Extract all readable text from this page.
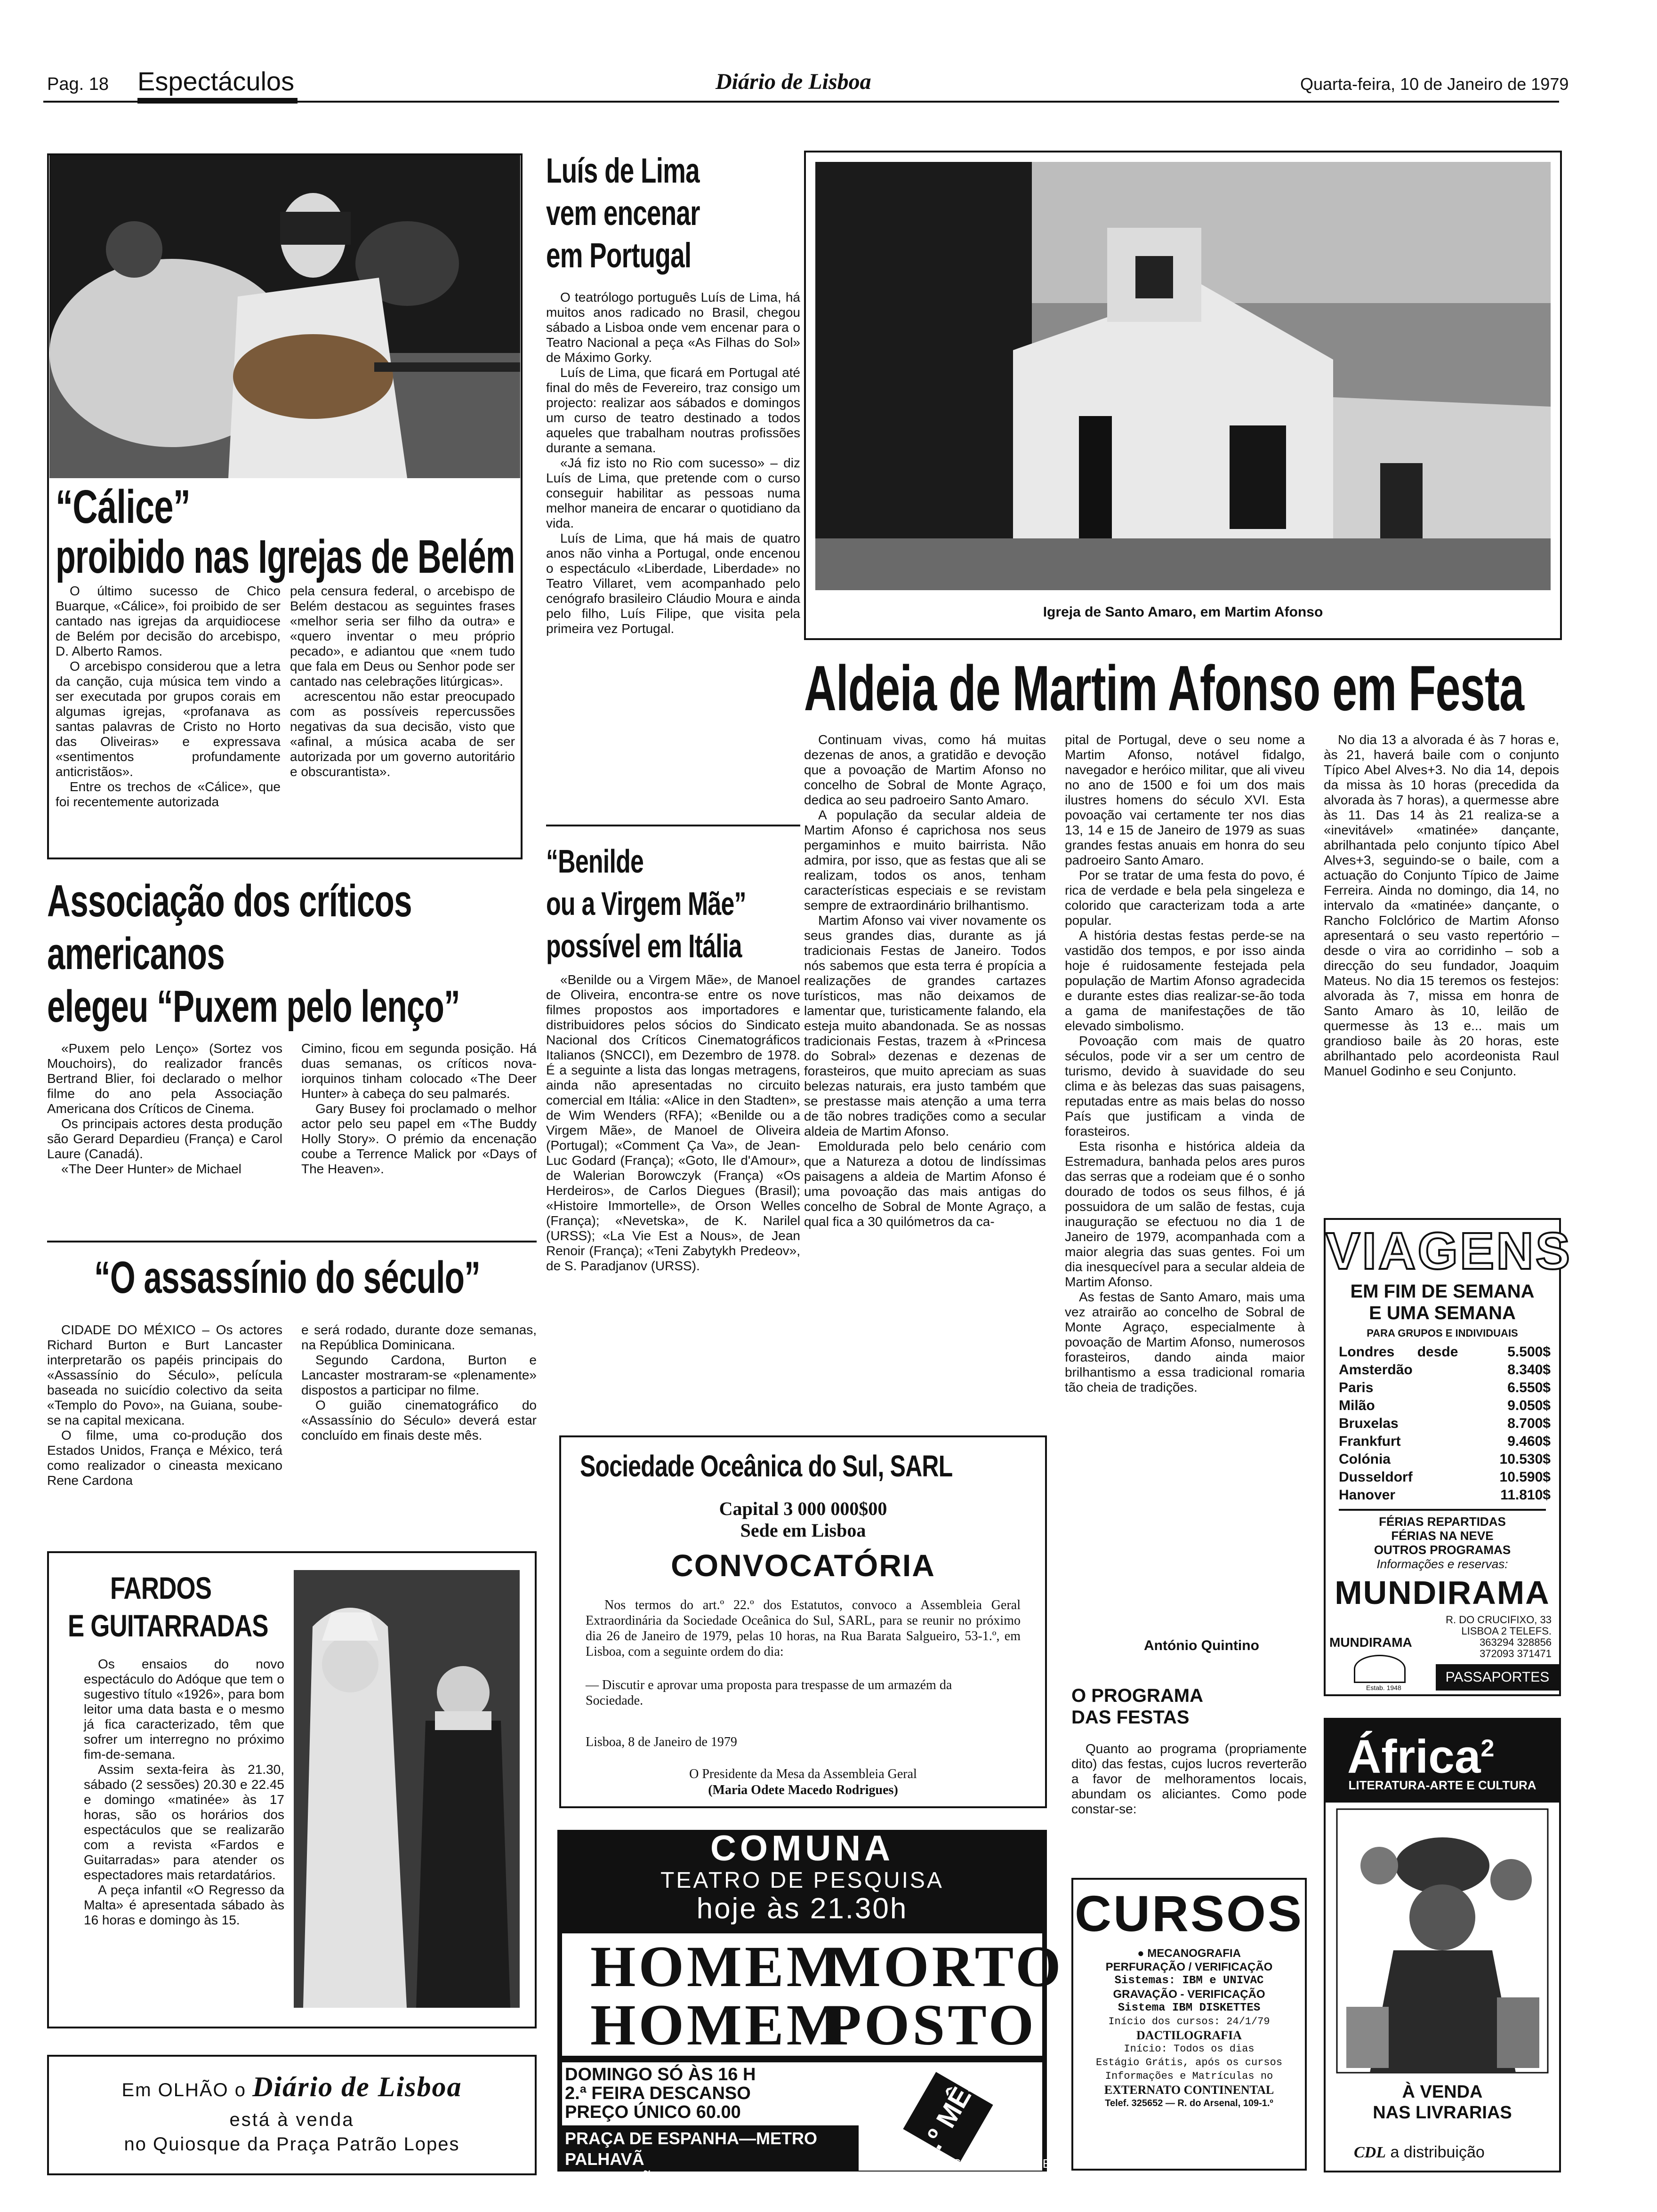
Pag. 18 Espectáculos	Diário de Lisboa	Quarta-feira, 10 de Janeiro de 1979
“Cálice”
proibido nas Igrejas de Belém

O último sucesso de Chico Buarque, «Cálice», foi proibido de ser cantado nas igrejas da arquidiocese de Belém por decisão do arcebispo, D. Alberto Ramos.

O arcebispo considerou que a letra da canção, cuja música tem vindo a ser executada por grupos corais em algumas igrejas, «profanava as santas palavras de Cristo no Horto das Oliveiras» e expressava «sentimentos profundamente anticristãos».

Entre os trechos de «Cálice», que foi recentemente autorizada

pela censura federal, o arcebispo de Belém destacou as seguintes frases «melhor seria ser filho da outra» e «quero inventar o meu próprio pecado», e adiantou que «nem tudo que fala em Deus ou Senhor pode ser cantado nas celebrações litúrgicas».

acrescentou não estar preocupado com as possíveis repercussões negativas da sua decisão, visto que «afinal, a música acaba de ser autorizada por um governo autoritário e obscurantista».

Luís de Lima
vem encenar
em Portugal

O teatrólogo português Luís de Lima, há muitos anos radicado no Brasil, chegou sábado a Lisboa onde vem encenar para o Teatro Nacional a peça «As Filhas do Sol» de Máximo Gorky.

Luís de Lima, que ficará em Portugal até final do mês de Fevereiro, traz consigo um projecto: realizar aos sábados e domingos um curso de teatro destinado a todos aqueles que trabalham noutras profissões durante a semana.

«Já fiz isto no Rio com sucesso» – diz Luís de Lima, que pretende com o curso conseguir habilitar as pessoas numa melhor maneira de encarar o quotidiano da vida.

Luís de Lima, que há mais de quatro anos não vinha a Portugal, onde encenou o espectáculo «Liberdade, Liberdade» no Teatro Villaret, vem acompanhado pelo cenógrafo brasileiro Cláudio Moura e ainda pelo filho, Luís Filipe, que visita pela primeira vez Portugal.

Igreja de Santo Amaro, em Martim Afonso
Aldeia de Martim Afonso em Festa

Continuam vivas, como há muitas dezenas de anos, a gratidão e devoção que a povoação de Martim Afonso no concelho de Sobral de Monte Agraço, dedica ao seu padroeiro Santo Amaro.

A população da secular aldeia de Martim Afonso é caprichosa nos seus pergaminhos e muito bairrista. Não admira, por isso, que as festas que ali se realizam, todos os anos, tenham características especiais e se revistam sempre de extraordinário brilhantismo.

Martim Afonso vai viver novamente os seus grandes dias, durante as já tradicionais Festas de Janeiro. Todos nós sabemos que esta terra é propícia a realizações de grandes cartazes turísticos, mas não deixamos de lamentar que, turisticamente falando, ela esteja muito abandonada. Se as nossas tradicionais Festas, trazem à «Princesa do Sobral» dezenas e dezenas de forasteiros, que muito apreciam as suas belezas naturais, era justo também que se prestasse mais atenção a uma terra de tão nobres tradições como a secular aldeia de Martim Afonso.

Emoldurada pelo belo cenário com que a Natureza a dotou de lindíssimas paisagens a aldeia de Martim Afonso é uma povoação das mais antigas do concelho de Sobral de Monte Agraço, a qual fica a 30 quilómetros da ca-

pital de Portugal, deve o seu nome a Martim Afonso, notável fidalgo, navegador e heróico militar, que ali viveu no ano de 1500 e foi um dos mais ilustres homens do século XVI. Esta povoação vai certamente ter nos dias 13, 14 e 15 de Janeiro de 1979 as suas grandes festas anuais em honra do seu padroeiro Santo Amaro.

Por se tratar de uma festa do povo, é rica de verdade e bela pela singeleza e colorido que caracterizam toda a arte popular.

A história destas festas perde-se na vastidão dos tempos, e por isso ainda hoje é ruidosamente festejada pela população de Martim Afonso agradecida e durante estes dias realizar-se-ão toda a gama de manifestações de tão elevado simbolismo.

Povoação com mais de quatro séculos, pode vir a ser um centro de turismo, devido à suavidade do seu clima e às belezas das suas paisagens, reputadas entre as mais belas do nosso País que justificam a vinda de forasteiros.

Esta risonha e histórica aldeia da Estremadura, banhada pelos ares puros das serras que a rodeiam que é o sonho dourado de todos os seus filhos, é já possuidora de um salão de festas, cuja inauguração se efectuou no dia 1 de Janeiro de 1979, acompanhada com a maior alegria das suas gentes. Foi um dia inesquecível para a secular aldeia de Martim Afonso.

As festas de Santo Amaro, mais uma vez atrairão ao concelho de Sobral de Monte Agraço, especialmente à povoação de Martim Afonso, numerosos forasteiros, dando ainda maior brilhantismo a essa tradicional romaria tão cheia de tradições.

António Quintino
O PROGRAMA
DAS FESTAS

Quanto ao programa (propriamente dito) das festas, cujos lucros reverterão a favor de melhoramentos locais, abundam os aliciantes. Como pode constar-se:

No dia 13 a alvorada é às 7 horas e, às 21, haverá baile com o conjunto Típico Abel Alves+3. No dia 14, depois da missa às 10 horas (precedida da alvorada às 7 horas), a quermesse abre às 11. Das 14 às 21 realiza-se a «inevitável» «matinée» dançante, abrilhantada pelo conjunto típico Abel Alves+3, seguindo-se o baile, com a actuação do Conjunto Típico de Jaime Ferreira. Ainda no domingo, dia 14, no intervalo da «matinée» dançante, o Rancho Folclórico de Martim Afonso apresentará o seu vasto repertório – desde o vira ao corridinho – sob a direcção do seu fundador, Joaquim Mateus. No dia 15 teremos os festejos: alvorada às 7, missa em honra de Santo Amaro às 10, leilão de quermesse às 13 e... mais um grandioso baile às 20 horas, este abrilhantado pelo acordeonista Raul Manuel Godinho e seu Conjunto.

Associação dos críticos
americanos
elegeu “Puxem pelo lenço”

«Puxem pelo Lenço» (Sortez vos Mouchoirs), do realizador francês Bertrand Blier, foi declarado o melhor filme do ano pela Associação Americana dos Críticos de Cinema.

Os principais actores desta produção são Gerard Depardieu (França) e Carol Laure (Canadá).

«The Deer Hunter» de Michael

Cimino, ficou em segunda posição. Há duas semanas, os críticos nova-iorquinos tinham colocado «The Deer Hunter» à cabeça do seu palmarés.

Gary Busey foi proclamado o melhor actor pelo seu papel em «The Buddy Holly Story». O prémio da encenação coube a Terrence Malick por «Days of The Heaven».

“Benilde
ou a Virgem Mãe”
possível em Itália

«Benilde ou a Virgem Mãe», de Manoel de Oliveira, encontra-se entre os nove filmes propostos aos importadores e distribuidores pelos sócios do Sindicato Nacional dos Críticos Cinematográficos Italianos (SNCCI), em Dezembro de 1978. É a seguinte a lista das longas metragens, ainda não apresentadas no circuito comercial em Itália: «Alice in den Stadten», de Wim Wenders (RFA); «Benilde ou a Virgem Mãe», de Manoel de Oliveira (Portugal); «Comment Ça Va», de Jean-Luc Godard (França); «Goto, Ile d'Amour», de Walerian Borowczyk (França) «Os Herdeiros», de Carlos Diegues (Brasil); «Histoire Immortelle», de Orson Welles (França); «Nevetska», de K. Narilel (URSS); «La Vie Est a Nous», de Jean Renoir (França); «Teni Zabytykh Predeov», de S. Paradjanov (URSS).

“O assassínio do século”

CIDADE DO MÉXICO – Os actores Richard Burton e Burt Lancaster interpretarão os papéis principais do «Assassínio do Século», película baseada no suicídio colectivo da seita «Templo do Povo», na Guiana, soube-se na capital mexicana.

O filme, uma co-produção dos Estados Unidos, França e México, terá como realizador o cineasta mexicano Rene Cardona

e será rodado, durante doze semanas, na República Dominicana.

Segundo Cardona, Burton e Lancaster mostraram-se «plenamente» dispostos a participar no filme.

O guião cinematográfico do «Assassínio do Século» deverá estar concluído em finais deste mês.

FARDOS
E GUITARRADAS

Os ensaios do novo espectáculo do Adóque que tem o sugestivo título «1926», para bom leitor uma data basta e o mesmo já fica caracterizado, têm que sofrer um interregno no próximo fim-de-semana.

Assim sexta-feira às 21.30, sábado (2 sessões) 20.30 e 22.45 e domingo «matinée» às 17 horas, são os horários dos espectáculos que se realizarão com a revista «Fardos e Guitarradas» para atender os espectadores mais retardatários.

A peça infantil «O Regresso da Malta» é apresentada sábado às 16 horas e domingo às 15.

Em OLHÃO o Diário de Lisboa
está à venda
no Quiosque da Praça Patrão Lopes
Sociedade Oceânica do Sul, SARL
Capital 3 000 000$00
Sede em Lisboa
CONVOCATÓRIA
Nos termos do art.º 22.º dos Estatutos, convoco a Assembleia Geral Extraordinária da Sociedade Oceânica do Sul, SARL, para se reunir no próximo dia 26 de Janeiro de 1979, pelas 10 horas, na Rua Barata Salgueiro, 53-1.º, em Lisboa, com a seguinte ordem do dia:
— Discutir e aprovar uma proposta para trespasse de um armazém da Sociedade.
Lisboa, 8 de Janeiro de 1979
O Presidente da Mesa da Assembleia Geral
(Maria Odete Macedo Rodrigues)
COMUNA
TEATRO DE PESQUISA
hoje às 21.30h
HOMEM
MORTO
HOMEM
POSTO
DOMINGO SÓ ÀS 16 H
2.ª FEIRA DESCANSO
PREÇO ÚNICO 60.00
PRAÇA DE ESPANHA—METRO PALHAVÃ
MARCAÇÕES TEL. 76 26 24
2.º MÊS
SUBSÍDIO DA SEC
VIAGENS
EM FIM DE SEMANA
E UMA SEMANA
PARA GRUPOS E INDIVIDUAIS
Londres desde	5.500$
Amsterdão	8.340$
Paris	6.550$
Milão	9.050$
Bruxelas	8.700$
Frankfurt	9.460$
Colónia	10.530$
Dusseldorf	10.590$
Hanover	11.810$
FÉRIAS REPARTIDAS
FÉRIAS NA NEVE
OUTROS PROGRAMAS
Informações e reservas:
MUNDIRAMA
R. DO CRUCIFIXO, 33
LISBOA 2 TELEFS.
363294 328856
372093 371471
MUNDIRAMA
Estab. 1948
PASSAPORTES
CURSOS
● MECANOGRAFIA
PERFURAÇÃO / VERIFICAÇÃO
Sistemas: IBM e UNIVAC
GRAVAÇÃO - VERIFICAÇÃO
Sistema IBM DISKETTES
Início dos cursos: 24/1/79
DACTILOGRAFIA
Início: Todos os dias
Estágio Grátis, após os cursos
Informações e Matrículas no
EXTERNATO CONTINENTAL
Telef. 325652 — R. do Arsenal, 109-1.º
África$^2$
LITERATURA-ARTE E CULTURA
À VENDA
NAS LIVRARIAS
CDL a distribuição
